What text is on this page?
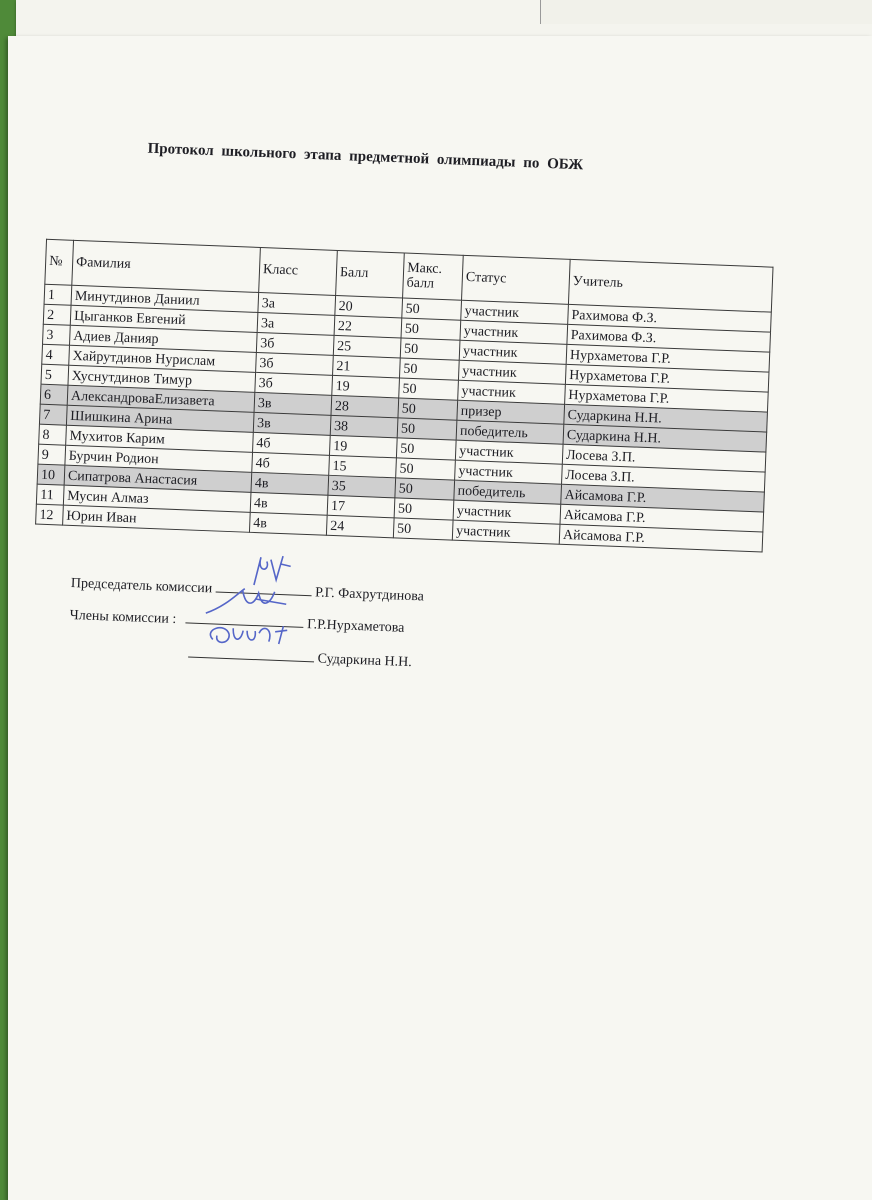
Протокол школьного этапа предметной олимпиады по ОБЖ
№	Фамилия	Класс	Балл	Макс. балл	Статус	Учитель
1	Минутдинов Даниил	3а	20	50	участник	Рахимова Ф.З.
2	Цыганков Евгений	3а	22	50	участник	Рахимова Ф.З.
3	Адиев Данияр	3б	25	50	участник	Нурхаметова Г.Р.
4	Хайрутдинов Нурислам	3б	21	50	участник	Нурхаметова Г.Р.
5	Хуснутдинов Тимур	3б	19	50	участник	Нурхаметова Г.Р.
6	АлександроваЕлизавета	3в	28	50	призер	Сударкина Н.Н.
7	Шишкина Арина	3в	38	50	победитель	Сударкина Н.Н.
8	Мухитов Карим	4б	19	50	участник	Лосева З.П.
9	Бурчин Родион	4б	15	50	участник	Лосева З.П.
10	Сипатрова Анастасия	4в	35	50	победитель	Айсамова Г.Р.
11	Мусин Алмаз	4в	17	50	участник	Айсамова Г.Р.
12	Юрин Иван	4в	24	50	участник	Айсамова Г.Р.
Председатель комиссии	Р.Г. Фахрутдинова
Члены комиссии :	Г.Р.Нурхаметова
Сударкина Н.Н.
